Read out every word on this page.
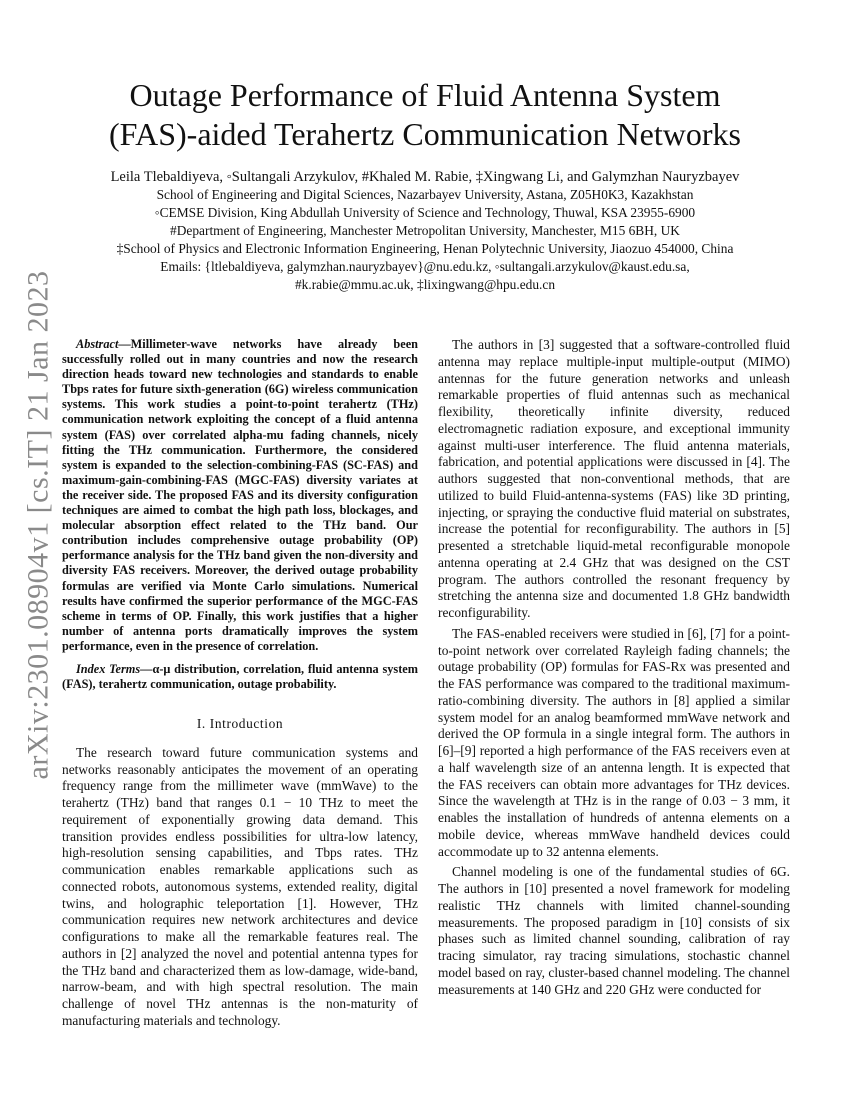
arXiv:2301.08904v1 [cs.IT] 21 Jan 2023
Outage Performance of Fluid Antenna System
(FAS)-aided Terahertz Communication Networks
Leila Tlebaldiyeva, ◦Sultangali Arzykulov, #Khaled M. Rabie, ‡Xingwang Li, and Galymzhan Nauryzbayev
School of Engineering and Digital Sciences, Nazarbayev University, Astana, Z05H0K3, Kazakhstan
◦CEMSE Division, King Abdullah University of Science and Technology, Thuwal, KSA 23955-6900
#Department of Engineering, Manchester Metropolitan University, Manchester, M15 6BH, UK
‡School of Physics and Electronic Information Engineering, Henan Polytechnic University, Jiaozuo 454000, China
Emails: {ltlebaldiyeva, galymzhan.nauryzbayev}@nu.edu.kz, ◦sultangali.arzykulov@kaust.edu.sa,
#k.rabie@mmu.ac.uk, ‡lixingwang@hpu.edu.cn

Abstract—Millimeter-wave networks have already been successfully rolled out in many countries and now the research direction heads toward new technologies and standards to enable Tbps rates for future sixth-generation (6G) wireless communication systems. This work studies a point-to-point terahertz (THz) communication network exploiting the concept of a fluid antenna system (FAS) over correlated alpha-mu fading channels, nicely fitting the THz communication. Furthermore, the considered system is expanded to the selection-combining-FAS (SC-FAS) and maximum-gain-combining-FAS (MGC-FAS) diversity variates at the receiver side. The proposed FAS and its diversity configuration techniques are aimed to combat the high path loss, blockages, and molecular absorption effect related to the THz band. Our contribution includes comprehensive outage probability (OP) performance analysis for the THz band given the non-diversity and diversity FAS receivers. Moreover, the derived outage probability formulas are verified via Monte Carlo simulations. Numerical results have confirmed the superior performance of the MGC-FAS scheme in terms of OP. Finally, this work justifies that a higher number of antenna ports dramatically improves the system performance, even in the presence of correlation.

Index Terms—α-μ distribution, correlation, fluid antenna system (FAS), terahertz communication, outage probability.

I. Introduction

The research toward future communication systems and networks reasonably anticipates the movement of an operating frequency range from the millimeter wave (mmWave) to the terahertz (THz) band that ranges 0.1 − 10 THz to meet the requirement of exponentially growing data demand. This transition provides endless possibilities for ultra-low latency, high-resolution sensing capabilities, and Tbps rates. THz communication enables remarkable applications such as connected robots, autonomous systems, extended reality, digital twins, and holographic teleportation [1]. However, THz communication requires new network architectures and device configurations to make all the remarkable features real. The authors in [2] analyzed the novel and potential antenna types for the THz band and characterized them as low-damage, wide-band, narrow-beam, and with high spectral resolution. The main challenge of novel THz antennas is the non-maturity of manufacturing materials and technology.

The authors in [3] suggested that a software-controlled fluid antenna may replace multiple-input multiple-output (MIMO) antennas for the future generation networks and unleash remarkable properties of fluid antennas such as mechanical flexibility, theoretically infinite diversity, reduced electromagnetic radiation exposure, and exceptional immunity against multi-user interference. The fluid antenna materials, fabrication, and potential applications were discussed in [4]. The authors suggested that non-conventional methods, that are utilized to build Fluid-antenna-systems (FAS) like 3D printing, injecting, or spraying the conductive fluid material on substrates, increase the potential for reconfigurability. The authors in [5] presented a stretchable liquid-metal reconfigurable monopole antenna operating at 2.4 GHz that was designed on the CST program. The authors controlled the resonant frequency by stretching the antenna size and documented 1.8 GHz bandwidth reconfigurability.

The FAS-enabled receivers were studied in [6], [7] for a point-to-point network over correlated Rayleigh fading channels; the outage probability (OP) formulas for FAS-Rx was presented and the FAS performance was compared to the traditional maximum-ratio-combining diversity. The authors in [8] applied a similar system model for an analog beamformed mmWave network and derived the OP formula in a single integral form. The authors in [6]–[9] reported a high performance of the FAS receivers even at a half wavelength size of an antenna length. It is expected that the FAS receivers can obtain more advantages for THz devices. Since the wavelength at THz is in the range of 0.03 − 3 mm, it enables the installation of hundreds of antenna elements on a mobile device, whereas mmWave handheld devices could accommodate up to 32 antenna elements.

Channel modeling is one of the fundamental studies of 6G. The authors in [10] presented a novel framework for modeling realistic THz channels with limited channel-sounding measurements. The proposed paradigm in [10] consists of six phases such as limited channel sounding, calibration of ray tracing simulator, ray tracing simulations, stochastic channel model based on ray, cluster-based channel modeling. The channel measurements at 140 GHz and 220 GHz were conducted for
